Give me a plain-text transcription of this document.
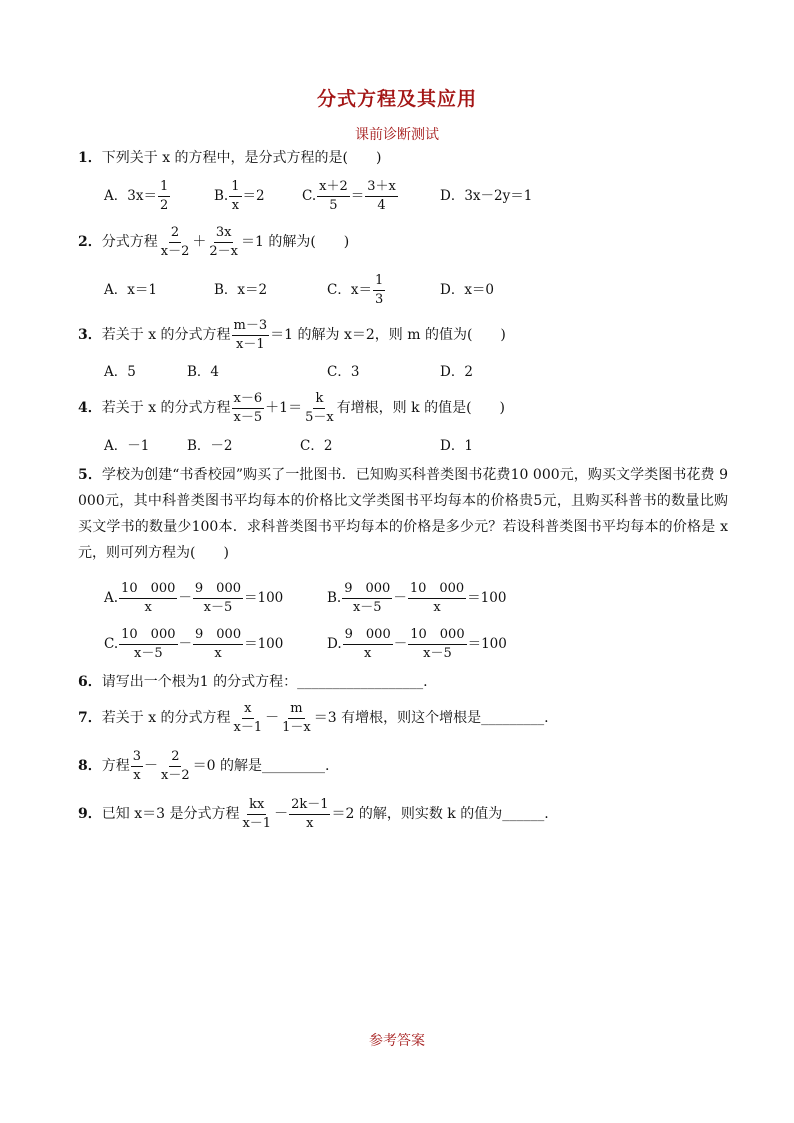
分式方程及其应用
课前诊断测试
1．下列关于 x 的方程中，是分式方程的是(　　)
A．$3x= \frac{1}{2}$	B. $\frac{1}{x} =2$	C. $\frac{x+2}{5} = \frac{3+x}{4}$	D．3x－2y＝1
2． 分式方程 $\frac{2}{x-2} + \frac{3x}{2-x} =1$ 的解为(　　)
A．x＝1	B．x＝2	C．$x= \frac{1}{3}$	D．x＝0
3． 若关于 x 的分式方程 $\frac{m-3}{x-1} =1$ 的解为 x＝2，则 m 的值为(　　)
A．5	B．4	C．3	D．2
4． 若关于 x 的分式方程 $\frac{x-6}{x-5} +1= \frac{k}{5-x}$ 有增根，则 k 的值是(　　)
A．－1	B．－2	C．2	D．1
5．学校为创建“书香校园”购买了一批图书．已知购买科普类图书花费10 000元，购买文学类图书花费 9 000元，其中科普类图书平均每本的价格比文学类图书平均每本的价格贵5元，且购买科普书的数量比购买文学书的数量少100本．求科普类图书平均每本的价格是多少元？若设科普类图书平均每本的价格是 x 元，则可列方程为(　　)
A. $\frac{10 000}{x} - \frac{9 000}{x-5} =100$	B. $\frac{9 000}{x-5} - \frac{10 000}{x} =100$
C. $\frac{10 000}{x-5} - \frac{9 000}{x} =100$	D. $\frac{9 000}{x} - \frac{10 000}{x-5} =100$
6．请写出一个根为1 的分式方程：__________________.
7． 若关于 x 的分式方程 $\frac{x}{x-1} - \frac{m}{1-x} =3$ 有增根，则这个增根是_________.
8． 方程 $\frac{3}{x} - \frac{2}{x-2} =0$ 的解是_________.
9． 已知 x＝3 是分式方程 $\frac{kx}{x-1} - \frac{2k-1}{x} =2$ 的解，则实数 k 的值为______.
参考答案
